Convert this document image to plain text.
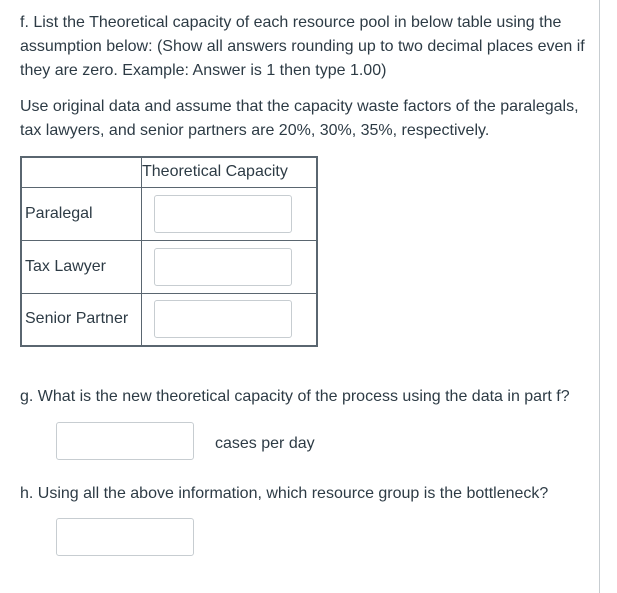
f. List the Theoretical capacity of each resource pool in below table using the assumption below: (Show all answers rounding up to two decimal places even if they are zero. Example: Answer is 1 then type 1.00)

Use original data and assume that the capacity waste factors of the paralegals, tax lawyers, and senior partners are 20%, 30%, 35%, respectively.

	Theoretical Capacity
Paralegal	

Tax Lawyer	

Senior Partner	

g. What is the new theoretical capacity of the process using the data in part f?

cases per day

h. Using all the above information, which resource group is the bottleneck?
